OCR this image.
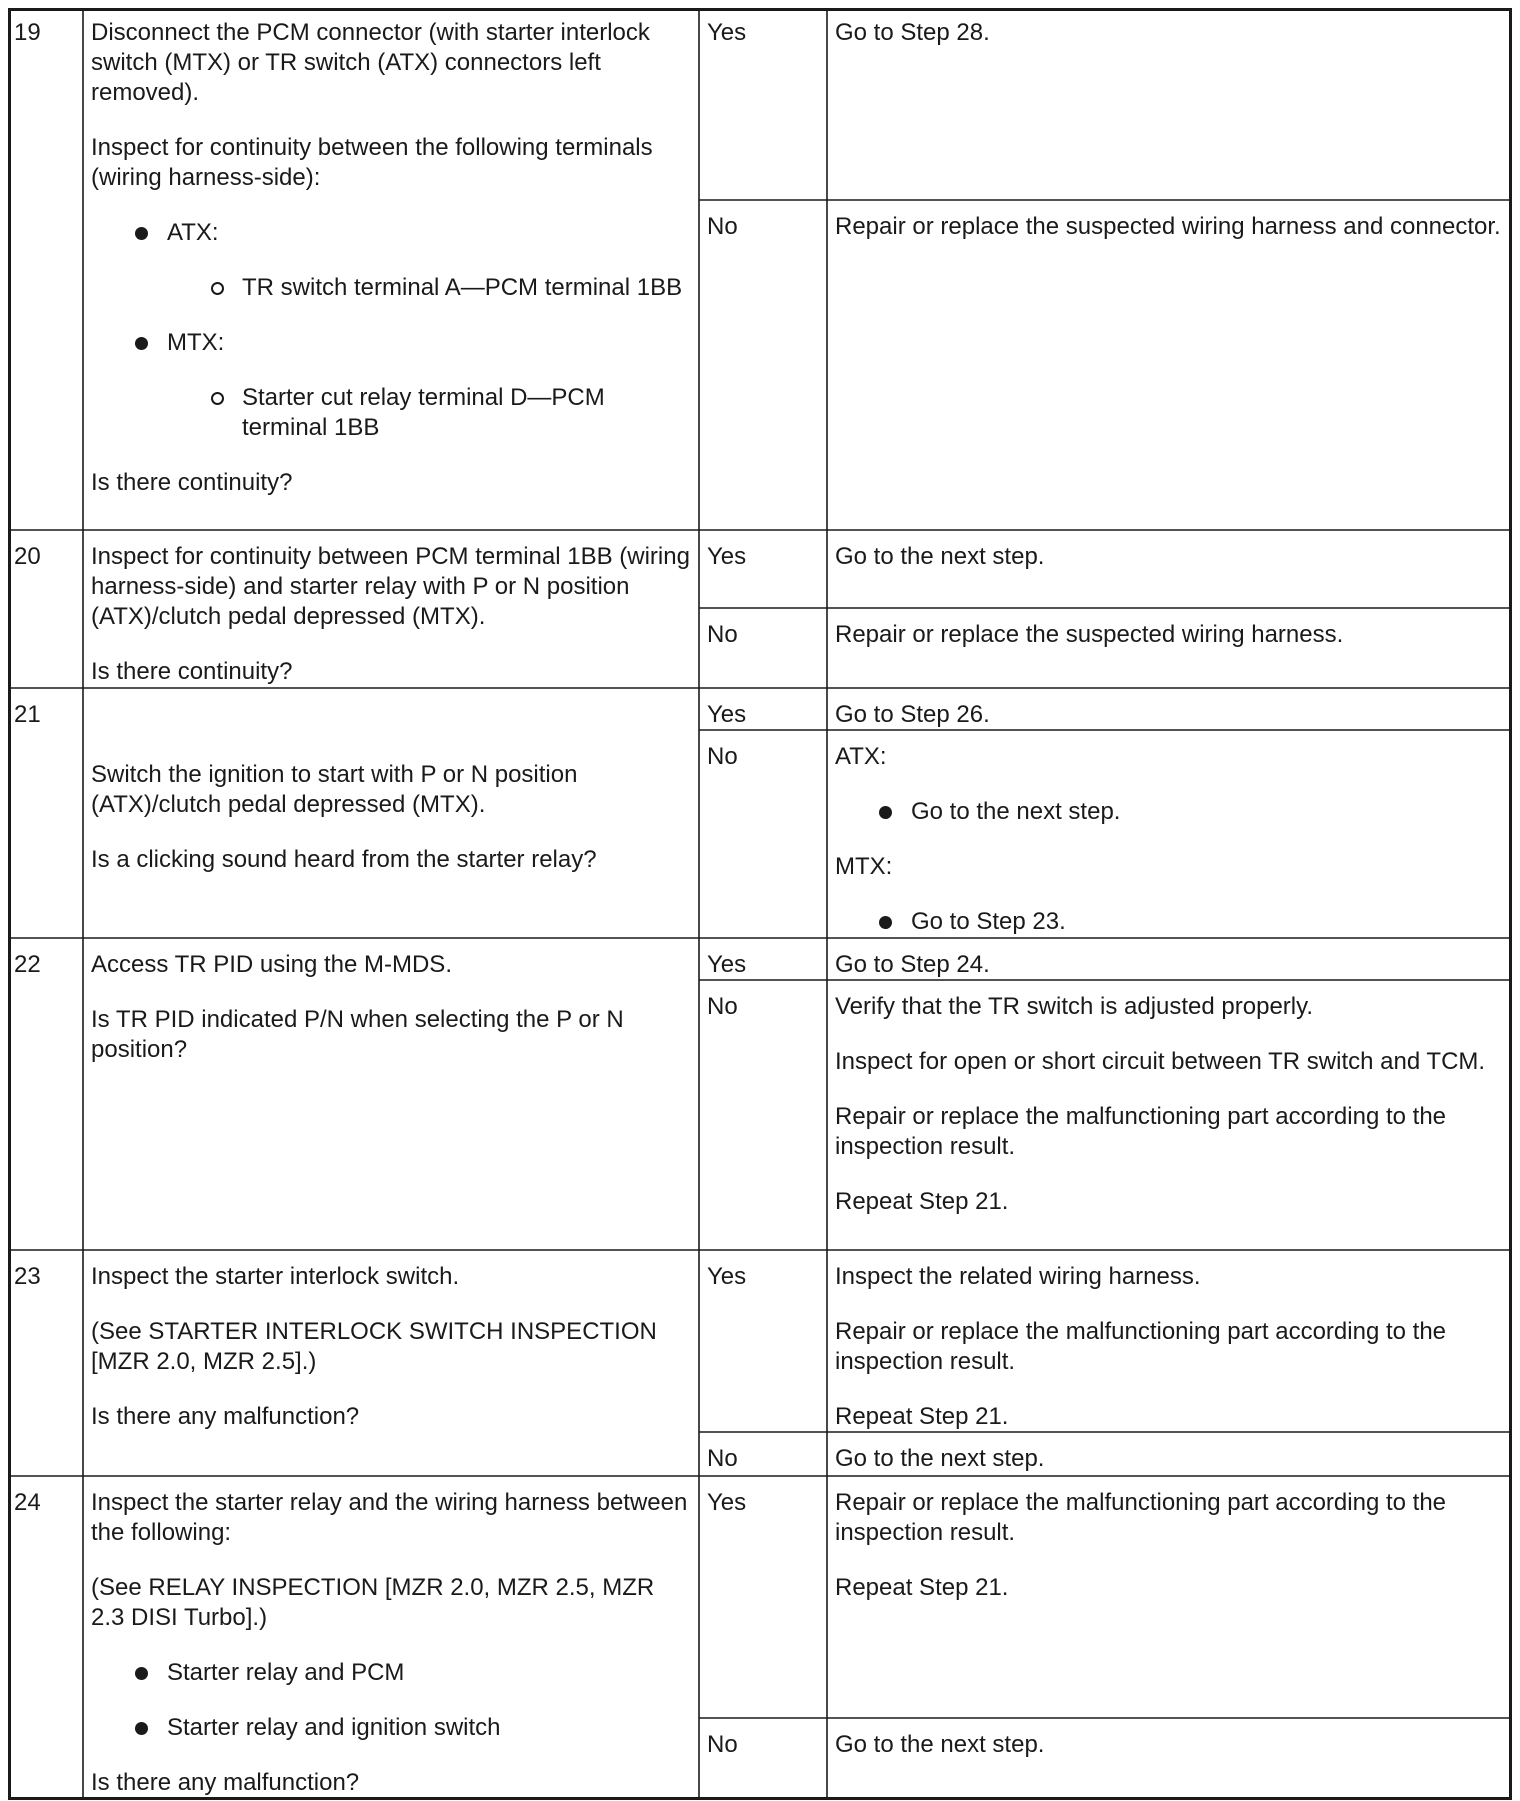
19	Disconnect the PCM connector (with starter interlock switch (MTX) or TR switch (ATX) connectors left removed).

Inspect for continuity between the following terminals (wiring harness-side):

ATX:
TR switch terminal A—PCM terminal 1BB
MTX:
Starter cut relay terminal D—PCM terminal 1BB

Is there continuity?

Yes	Go to Step 28.

No	Repair or replace the suspected wiring harness and connector.

20	Inspect for continuity between PCM terminal 1BB (wiring harness-side) and starter relay with P or N position (ATX)/clutch pedal depressed (MTX).

Is there continuity?

Yes	Go to the next step.

No	Repair or replace the suspected wiring harness.

21

Switch the ignition to start with P or N position (ATX)/clutch pedal depressed (MTX).

Is a clicking sound heard from the starter relay?

Yes	Go to Step 26.

No	ATX:

Go to the next step.

MTX:

Go to Step 23.
22	Access TR PID using the M-MDS.

Is TR PID indicated P/N when selecting the P or N position?

Yes	Go to Step 24.

No	Verify that the TR switch is adjusted properly.

Inspect for open or short circuit between TR switch and TCM.

Repair or replace the malfunctioning part according to the inspection result.

Repeat Step 21.

23	Inspect the starter interlock switch.

(See STARTER INTERLOCK SWITCH INSPECTION [MZR 2.0, MZR 2.5].)

Is there any malfunction?

Yes	Inspect the related wiring harness.

Repair or replace the malfunctioning part according to the inspection result.

Repeat Step 21.

No	Go to the next step.

24	Inspect the starter relay and the wiring harness between the following:

(See RELAY INSPECTION [MZR 2.0, MZR 2.5, MZR 2.3 DISI Turbo].)

Starter relay and PCM
Starter relay and ignition switch

Is there any malfunction?

Yes	Repair or replace the malfunctioning part according to the inspection result.

Repeat Step 21.

No	Go to the next step.
